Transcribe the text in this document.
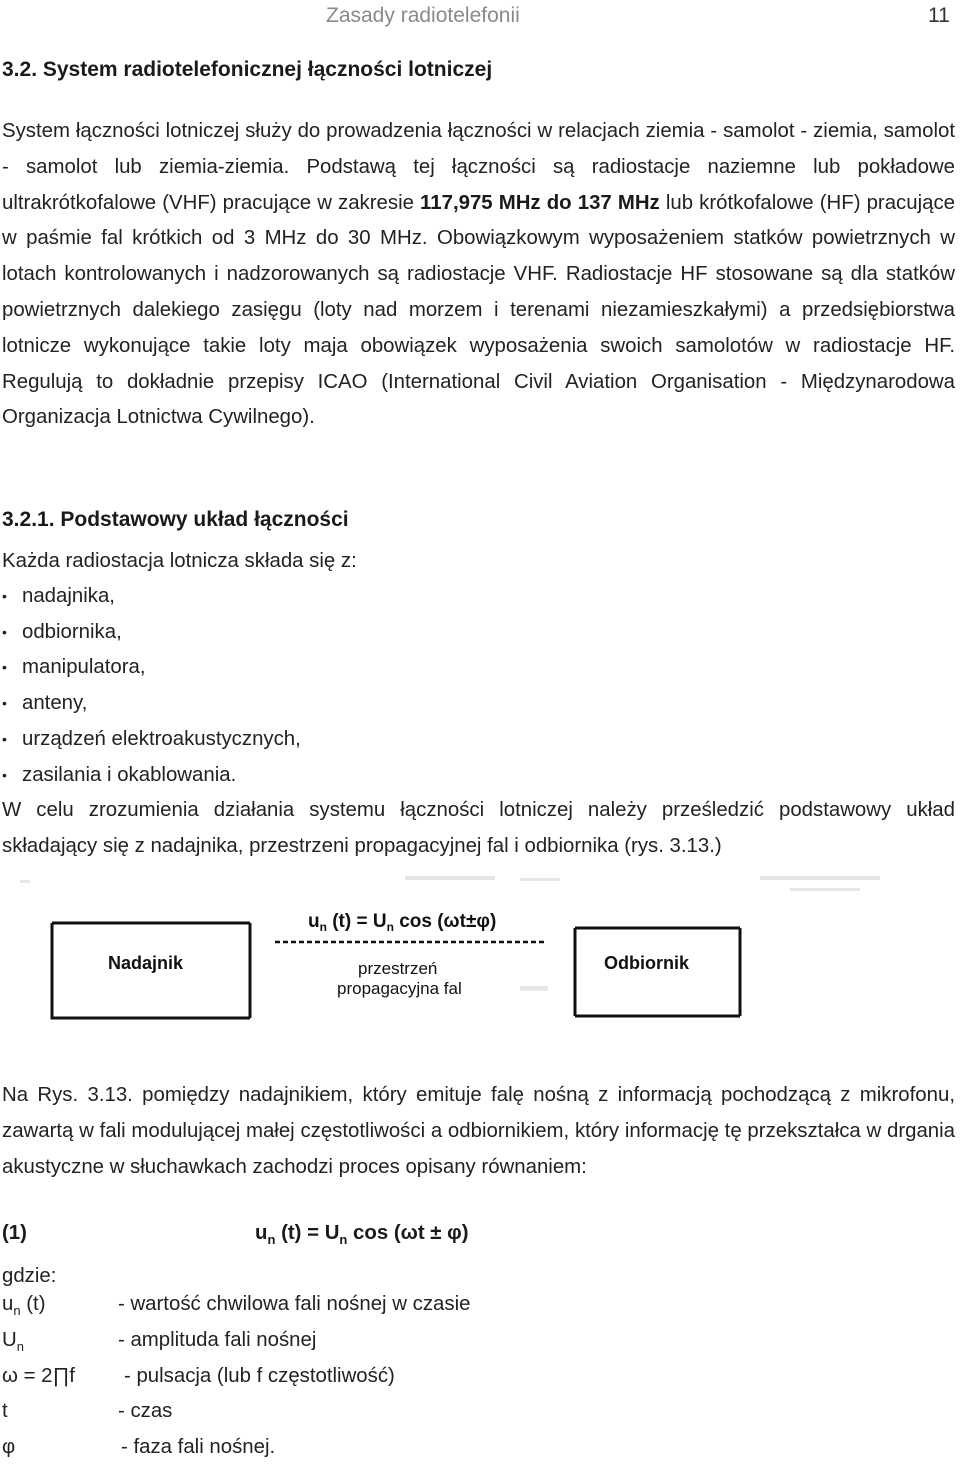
Zasady radiotelefonii	11
3.2. System radiotelefonicznej łączności lotniczej
System łączności lotniczej służy do prowadzenia łączności w relacjach ziemia - samolot - ziemia, samolot - samolot lub ziemia-ziemia. Podstawą tej łączności są radiostacje naziemne lub pokładowe ultrakrótkofalowe (VHF) pracujące w zakresie 117,975 MHz do 137 MHz lub krótkofalowe (HF) pracujące w paśmie fal krótkich od 3 MHz do 30 MHz. Obowiązkowym wyposażeniem statków powietrznych w lotach kontrolowanych i nadzorowanych są radiostacje VHF. Radiostacje HF stosowane są dla statków powietrznych dalekiego zasięgu (loty nad morzem i terenami niezamieszkałymi) a przedsiębiorstwa lotnicze wykonujące takie loty maja obowiązek wyposażenia swoich samolotów w radiostacje HF. Regulują to dokładnie przepisy ICAO (International Civil Aviation Organisation - Międzynarodowa Organizacja Lotnictwa Cywilnego).
3.2.1. Podstawowy układ łączności
Każda radiostacja lotnicza składa się z:
• nadajnika,
• odbiornika,
• manipulatora,
• anteny,
• urządzeń elektroakustycznych,
• zasilania i okablowania.
W celu zrozumienia działania systemu łączności lotniczej należy prześledzić podstawowy układ składający się z nadajnika, przestrzeni propagacyjnej fal i odbiornika (rys. 3.13.)
$u_n$ $(t) = U_n$ cos (ωt±φ)
Nadajnik	Odbiornik
przestrzeń
propagacyjna fal
Na Rys. 3.13. pomiędzy nadajnikiem, który emituje falę nośną z informacją pochodzącą z mikrofonu, zawartą w fali modulującej małej częstotliwości a odbiornikiem, który informację tę przekształca w drgania akustyczne w słuchawkach zachodzi proces opisany równaniem:
(1)	$u_n$ $(t) = U_n$ cos (ωt ± φ)
gdzie:
$u_n$ (t)	- wartość chwilowa fali nośnej w czasie
$U_n$	- amplituda fali nośnej
ω = 2∏f - pulsacja (lub f częstotliwość)
t	- czas
φ	- faza fali nośnej.
